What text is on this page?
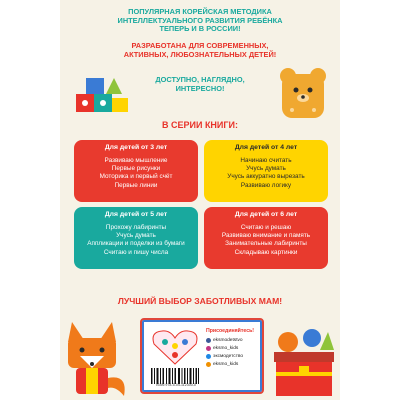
ПОПУЛЯРНАЯ КОРЕЙСКАЯ МЕТОДИКА
ИНТЕЛЛЕКТУАЛЬНОГО РАЗВИТИЯ РЕБЁНКА
ТЕПЕРЬ И В РОССИИ!
РАЗРАБОТАНА ДЛЯ СОВРЕМЕННЫХ,
АКТИВНЫХ, ЛЮБОЗНАТЕЛЬНЫХ ДЕТЕЙ!
ДОСТУПНО, НАГЛЯДНО,
ИНТЕРЕСНО!
В СЕРИИ КНИГИ:
Для детей от 3 лет
Развиваю мышление
Первые рисунки
Моторика и первый счёт
Первые линии
Для детей от 4 лет
Начинаю считать
Учусь думать
Учусь аккуратно вырезать
Развиваю логику
Для детей от 5 лет
Прохожу лабиринты
Учусь думать
Аппликации и поделки из бумаги
Считаю и пишу числа
Для детей от 6 лет
Считаю и решаю
Развиваю внимание и память
Занимательные лабиринты
Складываю картинки
ЛУЧШИЙ ВЫБОР ЗАБОТЛИВЫХ МАМ!
ISBN 978-5-04-112300-0
Присоединяйтесь!
eksmodetstvo
eksmo_kids
эксмодетство
eksmo_kids
